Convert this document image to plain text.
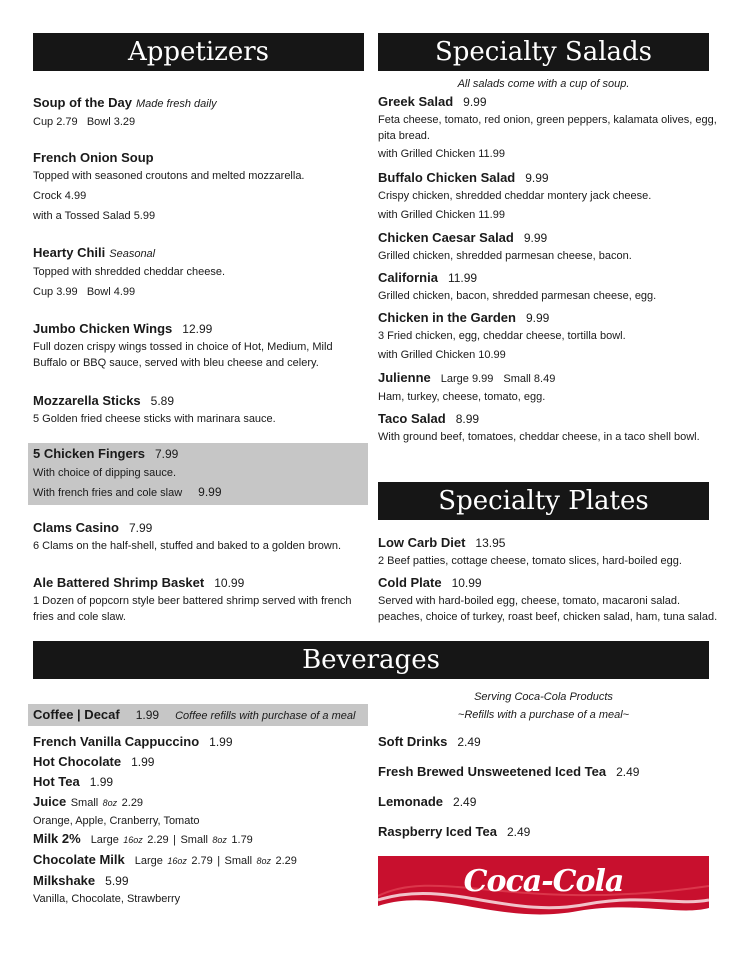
Appetizers
Soup of the Day Made fresh daily
Cup 2.79 Bowl 3.29
French Onion Soup
Topped with seasoned croutons and melted mozzarella.
Crock 4.99
with a Tossed Salad 5.99
Hearty Chili Seasonal
Topped with shredded cheddar cheese.
Cup 3.99 Bowl 4.99
Jumbo Chicken Wings 12.99
Full dozen crispy wings tossed in choice of Hot, Medium, Mild Buffalo or BBQ sauce, served with bleu cheese and celery.
Mozzarella Sticks 5.89
5 Golden fried cheese sticks with marinara sauce.
5 Chicken Fingers 7.99
With choice of dipping sauce.
With french fries and cole slaw 9.99
Clams Casino 7.99
6 Clams on the half-shell, stuffed and baked to a golden brown.
Ale Battered Shrimp Basket 10.99
1 Dozen of popcorn style beer battered shrimp served with french fries and cole slaw.
Specialty Salads
All salads come with a cup of soup.
Greek Salad 9.99
Feta cheese, tomato, red onion, green peppers, kalamata olives, egg, pita bread.
with Grilled Chicken 11.99
Buffalo Chicken Salad 9.99
Crispy chicken, shredded cheddar montery jack cheese.
with Grilled Chicken 11.99
Chicken Caesar Salad 9.99
Grilled chicken, shredded parmesan cheese, bacon.
California 11.99
Grilled chicken, bacon, shredded parmesan cheese, egg.
Chicken in the Garden 9.99
3 Fried chicken, egg, cheddar cheese, tortilla bowl.
with Grilled Chicken 10.99
Julienne Large 9.99 Small 8.49
Ham, turkey, cheese, tomato, egg.
Taco Salad 8.99
With ground beef, tomatoes, cheddar cheese, in a taco shell bowl.
Specialty Plates
Low Carb Diet 13.95
2 Beef patties, cottage cheese, tomato slices, hard-boiled egg.
Cold Plate 10.99
Served with hard-boiled egg, cheese, tomato, macaroni salad. peaches, choice of turkey, roast beef, chicken salad, ham, tuna salad.
Beverages
Coffee | Decaf 1.99 Coffee refills with purchase of a meal
French Vanilla Cappuccino 1.99
Hot Chocolate 1.99
Hot Tea 1.99
Juice Small 8oz 2.29
Orange, Apple, Cranberry, Tomato
Milk 2% Large 16oz 2.29 | Small 8oz 1.79
Chocolate Milk Large 16oz 2.79 | Small 8oz 2.29
Milkshake 5.99
Vanilla, Chocolate, Strawberry
Serving Coca-Cola Products
~Refills with a purchase of a meal~
Soft Drinks 2.49
Fresh Brewed Unsweetened Iced Tea 2.49
Lemonade 2.49
Raspberry Iced Tea 2.49
Coca-Cola
